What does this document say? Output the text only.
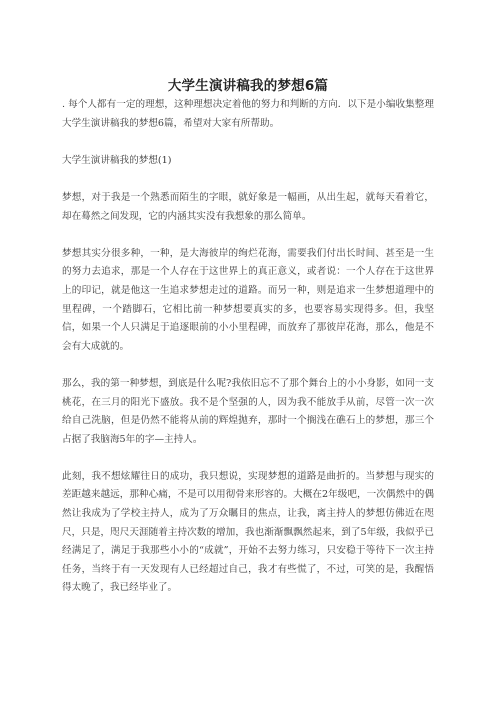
大学生演讲稿我的梦想6篇

. 每个人都有一定的理想，这种理想决定着他的努力和判断的方向．以下是小编收集整理大学生演讲稿我的梦想6篇，希望对大家有所帮助。

大学生演讲稿我的梦想(1)

梦想，对于我是一个熟悉而陌生的字眼，就好象是一幅画，从出生起，就每天看着它，却在蓦然之间发现，它的内涵其实没有我想象的那么简单。

梦想其实分很多种，一种，是大海彼岸的绚烂花海，需要我们付出长时间、甚至是一生的努力去追求，那是一个人存在于这世界上的真正意义，或者说：一个人存在于这世界上的印记，就是他这一生追求梦想走过的道路。而另一种，则是追求一生梦想道理中的里程碑，一个踏脚石，它相比前一种梦想要真实的多，也要容易实现得多。但，我坚信，如果一个人只满足于追逐眼前的小小里程碑，而放弃了那彼岸花海，那么，他是不会有大成就的。

那么，我的第一种梦想，到底是什么呢?我依旧忘不了那个舞台上的小小身影，如同一支桃花，在三月的阳光下盛放。我不是个坚强的人，因为我不能放手从前，尽管一次一次给自己洗脑，但是仍然不能将从前的辉煌抛弃，那时一个搁浅在礁石上的梦想，那三个占据了我脑海5年的字—主持人。

此刻，我不想炫耀往日的成功，我只想说，实现梦想的道路是曲折的。当梦想与现实的差距越来越远，那种心痛，不是可以用彻骨来形容的。大概在2年级吧，一次偶然中的偶然让我成为了学校主持人，成为了万众瞩目的焦点，让我，离主持人的梦想仿佛近在咫尺，只是，咫尺天涯随着主持次数的增加，我也渐渐飘飘然起来，到了5年级，我似乎已经满足了，满足于我那些小小的“成就”，开始不去努力练习，只安稳于等待下一次主持任务，当终于有一天发现有人已经超过自己，我才有些慌了，不过，可笑的是，我醒悟得太晚了，我已经毕业了。
